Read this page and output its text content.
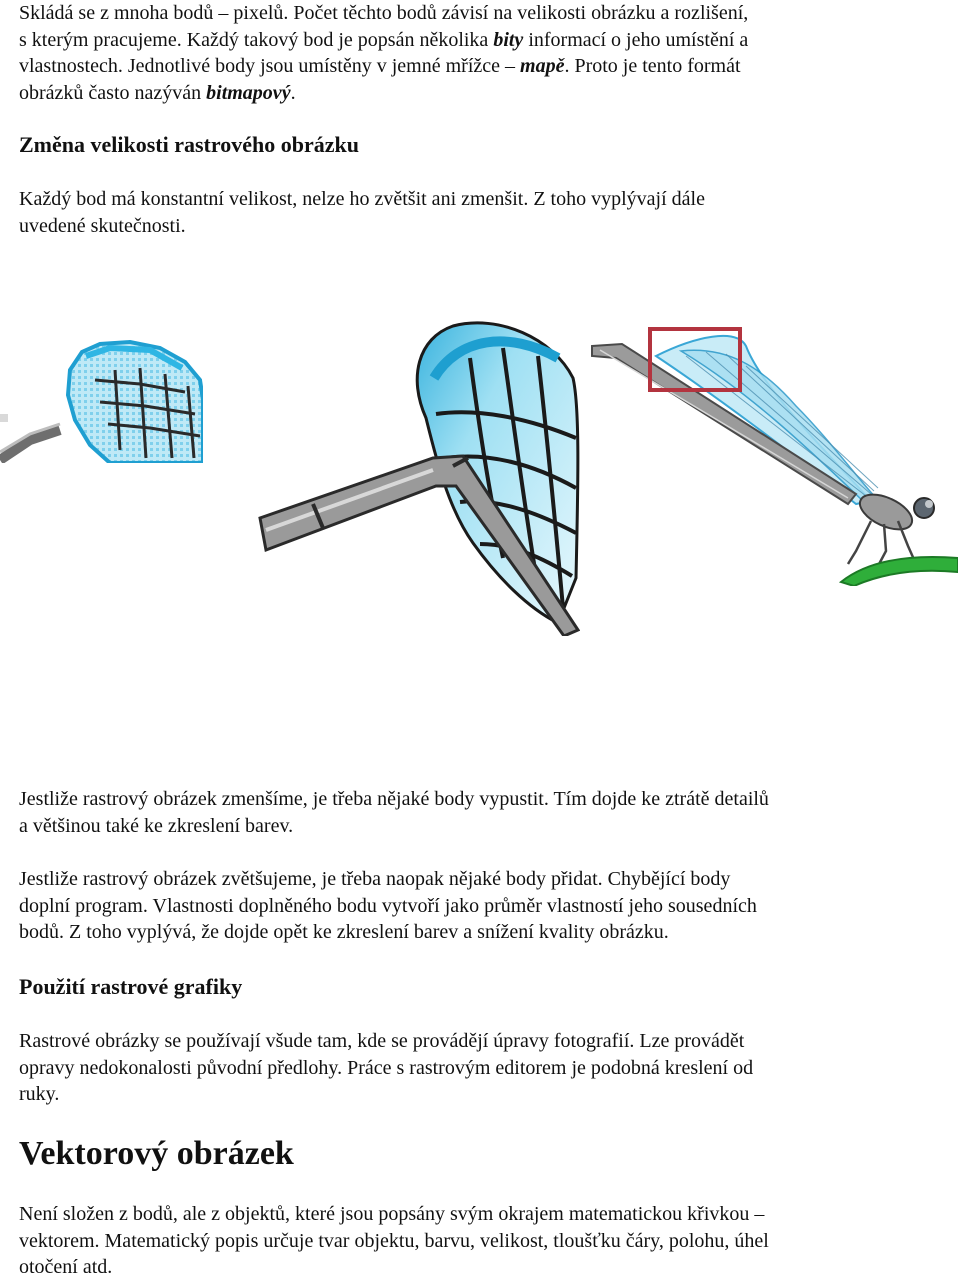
Skládá se z mnoha bodů – pixelů. Počet těchto bodů závisí na velikosti obrázku a rozlišení,
s kterým pracujeme. Každý takový bod je popsán několika bity informací o jeho umístění a
vlastnostech. Jednotlivé body jsou umístěny v jemné mřížce – mapě. Proto je tento formát
obrázků často nazýván bitmapový.
Změna velikosti rastrového obrázku
Každý bod má konstantní velikost, nelze ho zvětšit ani zmenšit. Z toho vyplývají dále
uvedené skutečnosti.
Jestliže rastrový obrázek zmenšíme, je třeba nějaké body vypustit. Tím dojde ke ztrátě detailů
a většinou také ke zkreslení barev.
Jestliže rastrový obrázek zvětšujeme, je třeba naopak nějaké body přidat. Chybějící body
doplní program. Vlastnosti doplněného bodu vytvoří jako průměr vlastností jeho sousedních
bodů. Z toho vyplývá, že dojde opět ke zkreslení barev a snížení kvality obrázku.
Použití rastrové grafiky
Rastrové obrázky se používají všude tam, kde se provádějí úpravy fotografií. Lze provádět
opravy nedokonalosti původní předlohy. Práce s rastrovým editorem je podobná kreslení od
ruky.
Vektorový obrázek
Není složen z bodů, ale z objektů, které jsou popsány svým okrajem matematickou křivkou –
vektorem. Matematický popis určuje tvar objektu, barvu, velikost, tloušťku čáry, polohu, úhel
otočení atd.
